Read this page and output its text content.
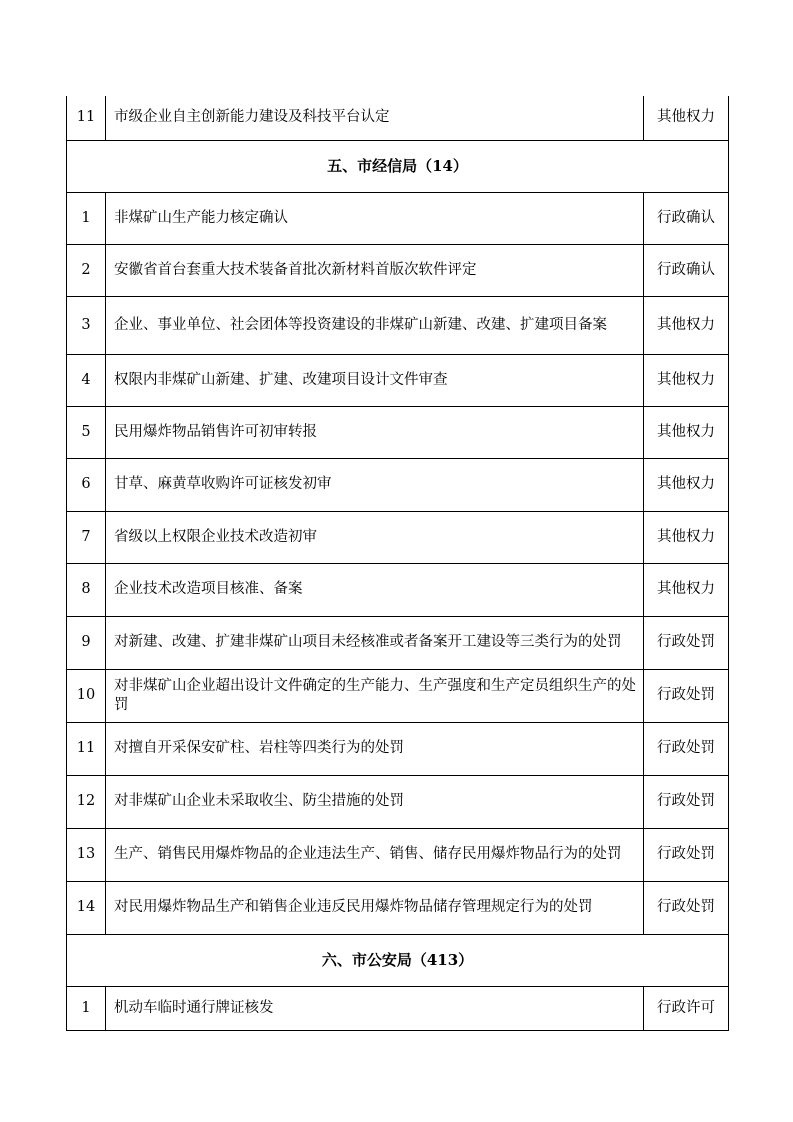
11	市级企业自主创新能力建设及科技平台认定	其他权力
五、市经信局（14）		
1	非煤矿山生产能力核定确认	行政确认
2	安徽省首台套重大技术装备首批次新材料首版次软件评定	行政确认
3	企业、事业单位、社会团体等投资建设的非煤矿山新建、改建、扩建项目备案	其他权力
4	权限内非煤矿山新建、扩建、改建项目设计文件审查	其他权力
5	民用爆炸物品销售许可初审转报	其他权力
6	甘草、麻黄草收购许可证核发初审	其他权力
7	省级以上权限企业技术改造初审	其他权力
8	企业技术改造项目核准、备案	其他权力
9	对新建、改建、扩建非煤矿山项目未经核准或者备案开工建设等三类行为的处罚	行政处罚
10	对非煤矿山企业超出设计文件确定的生产能力、生产强度和生产定员组织生产的处罚	行政处罚
11	对擅自开采保安矿柱、岩柱等四类行为的处罚	行政处罚
12	对非煤矿山企业未采取收尘、防尘措施的处罚	行政处罚
13	生产、销售民用爆炸物品的企业违法生产、销售、储存民用爆炸物品行为的处罚	行政处罚
14	对民用爆炸物品生产和销售企业违反民用爆炸物品储存管理规定行为的处罚	行政处罚
六、市公安局（413）		
1	机动车临时通行牌证核发	行政许可
